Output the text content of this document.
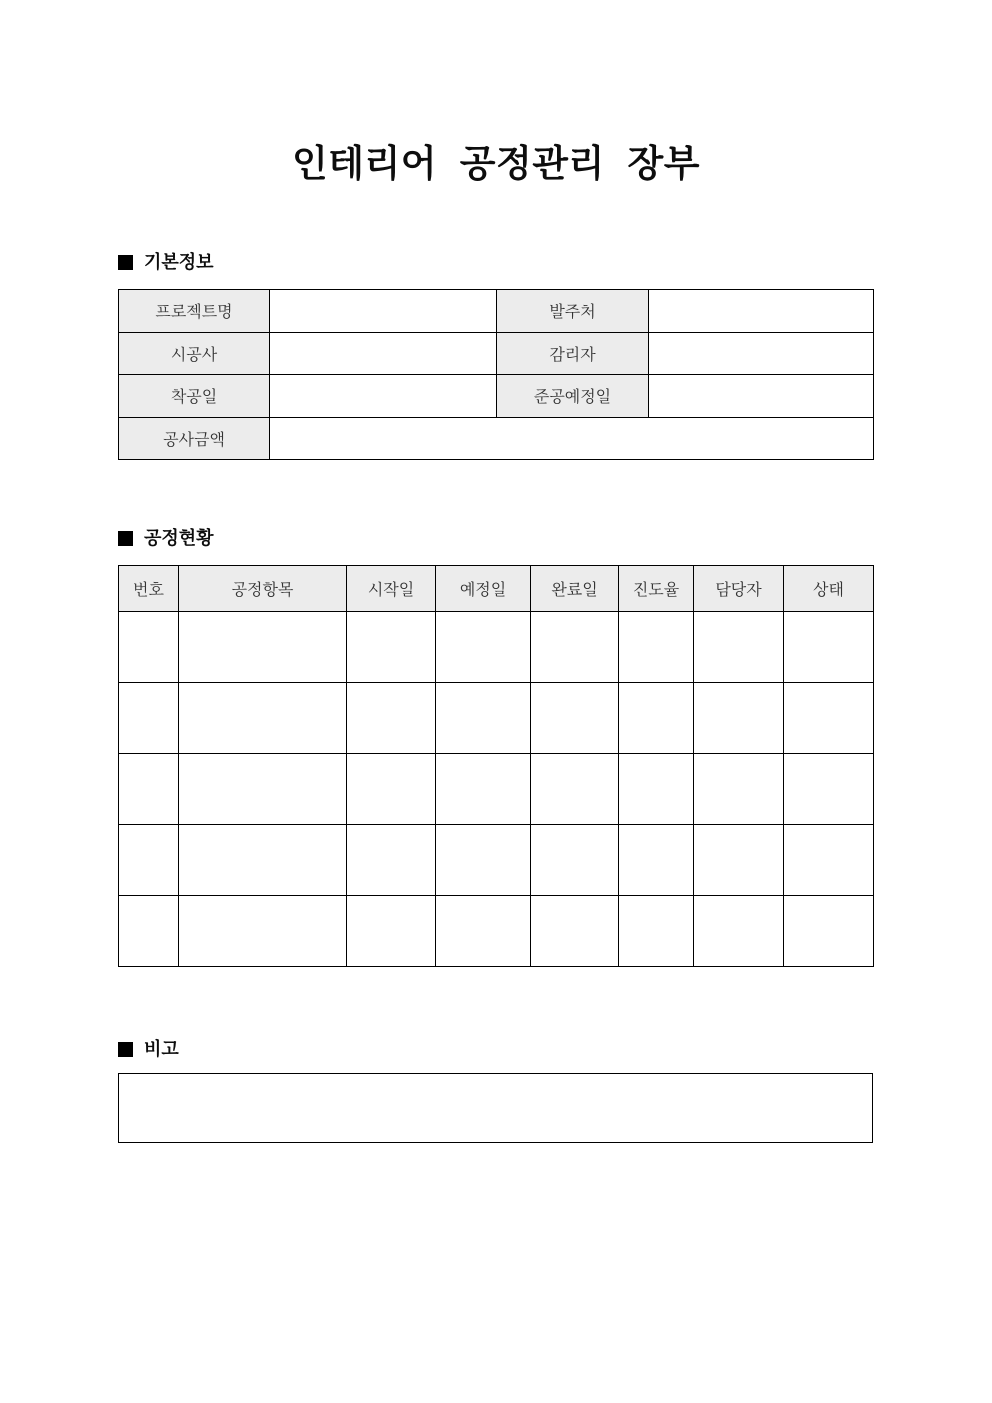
인테리어 공정관리 장부
기본정보
프로젝트명		발주처	
시공사		감리자	
착공일		준공예정일	
공사금액			
공정현황
번호	공정항목	시작일	예정일	완료일	진도율	담당자	상태

비고
